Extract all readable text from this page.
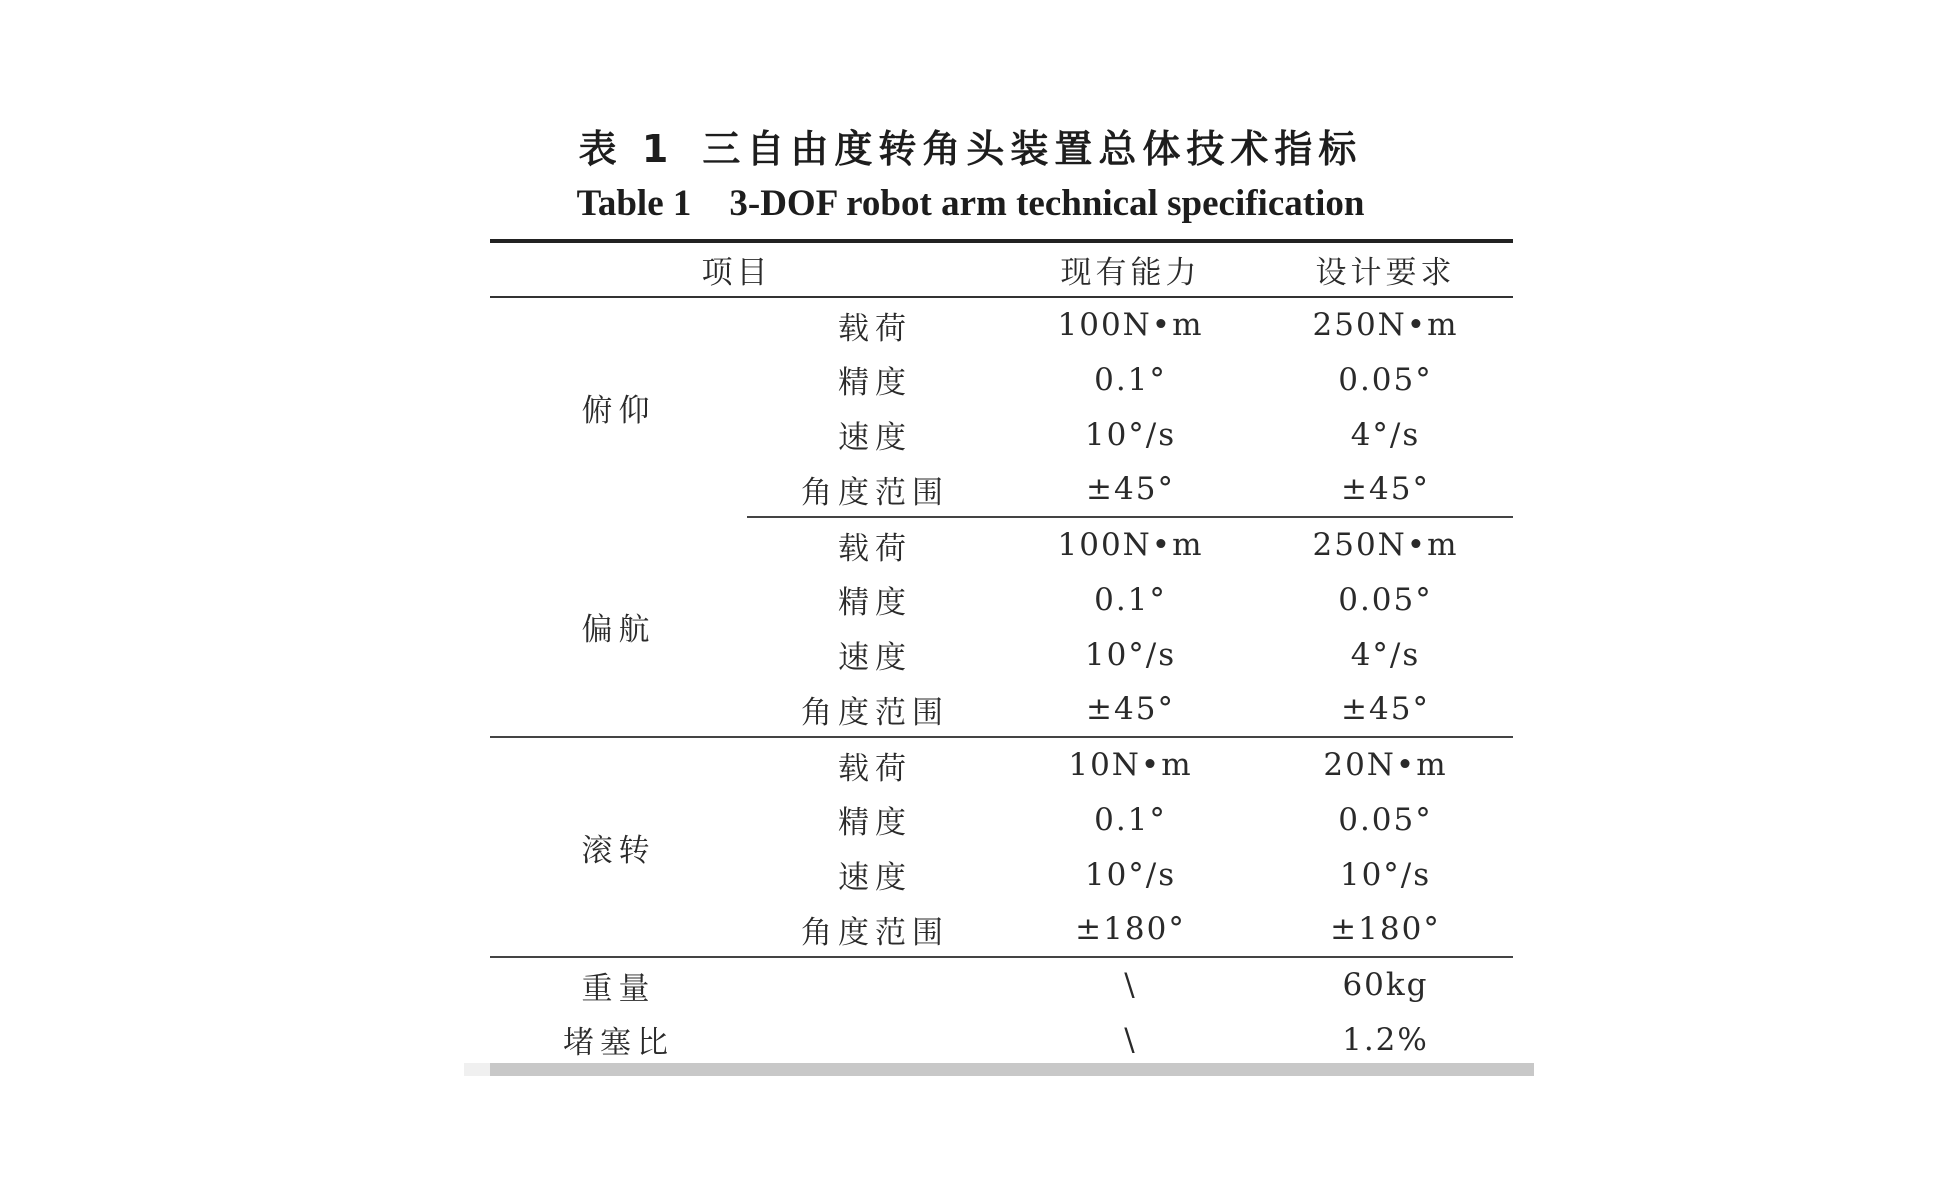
表 1 三自由度转角头装置总体技术指标
Table 1 3-DOF robot arm technical specification
项目		现有能力	设计要求
俯仰	载荷	100N•m	250N•m
	精度	0.1°	0.05°
	速度	10°/s	4°/s
	角度范围	±45°	±45°
偏航	载荷	100N•m	250N•m
	精度	0.1°	0.05°
	速度	10°/s	4°/s
	角度范围	±45°	±45°
滚转	载荷	10N•m	20N•m
	精度	0.1°	0.05°
	速度	10°/s	10°/s
	角度范围	±180°	±180°
重量		\	60kg
堵塞比		\	1.2%
